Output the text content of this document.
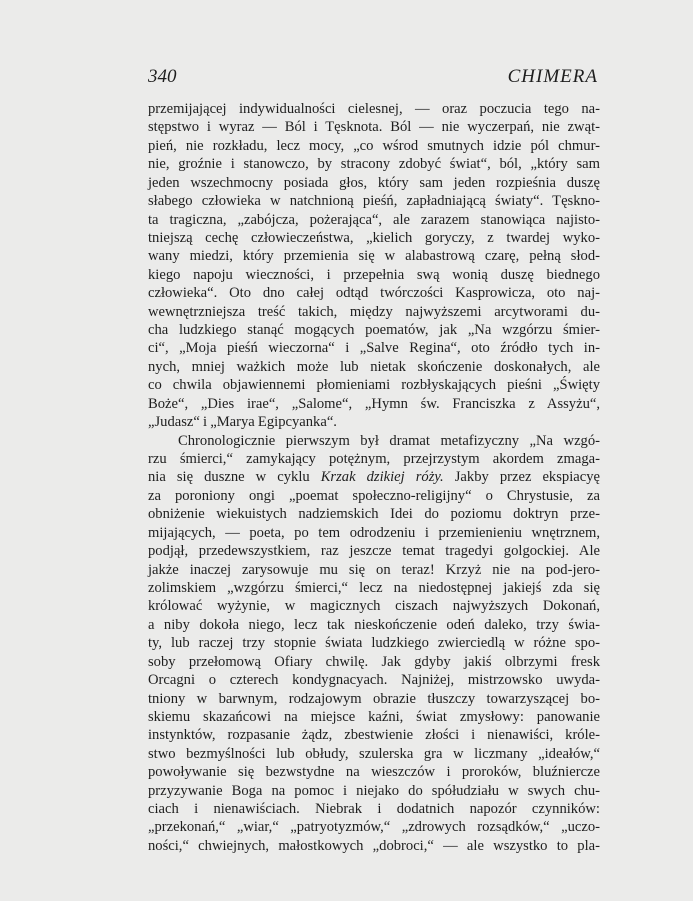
340	CHIMERA
przemijającej indywidualności cielesnej, — oraz poczucia tego na-
stępstwo i wyraz — Ból i Tęsknota. Ból — nie wyczerpań, nie zwąt-
pień, nie rozkładu, lecz mocy, „co wśrod smutnych idzie pól chmur-
nie, groźnie i stanowczo, by stracony zdobyć świat“, ból, „który sam
jeden wszechmocny posiada głos, który sam jeden rozpieśnia duszę
słabego człowieka w natchnioną pieśń, zapładniającą światy“. Tęskno-
ta tragiczna, „zabójcza, pożerająca“, ale zarazem stanowiąca najisto-
tniejszą cechę człowieczeństwa, „kielich goryczy, z twardej wyko-
wany miedzi, który przemienia się w alabastrową czarę, pełną słod-
kiego napoju wieczności, i przepełnia swą wonią duszę biednego
człowieka“. Oto dno całej odtąd twórczości Kasprowicza, oto naj-
wewnętrzniejsza treść takich, między najwyższemi arcytworami du-
cha ludzkiego stanąć mogących poematów, jak „Na wzgórzu śmier-
ci“, „Moja pieśń wieczorna“ i „Salve Regina“, oto źródło tych in-
nych, mniej ważkich może lub nietak skończenie doskonałych, ale
co chwila objawiennemi płomieniami rozbłyskających pieśni „Święty
Boże“, „Dies irae“, „Salome“, „Hymn św. Franciszka z Assyżu“,
„Judasz“ i „Marya Egipcyanka“.
Chronologicznie pierwszym był dramat metafizyczny „Na wzgó-
rzu śmierci,“ zamykający potężnym, przejrzystym akordem zmaga-
nia się duszne w cyklu Krzak dzikiej róży. Jakby przez ekspiacyę
za poroniony ongi „poemat społeczno-religijny“ o Chrystusie, za
obniżenie wiekuistych nadziemskich Idei do poziomu doktryn prze-
mijających, — poeta, po tem odrodzeniu i przemienieniu wnętrznem,
podjął, przedewszystkiem, raz jeszcze temat tragedyi golgockiej. Ale
jakże inaczej zarysowuje mu się on teraz! Krzyż nie na pod-jero-
zolimskiem „wzgórzu śmierci,“ lecz na niedostępnej jakiejś zda się
królować wyżynie, w magicznych ciszach najwyższych Dokonań,
a niby dokoła niego, lecz tak nieskończenie odeń daleko, trzy świa-
ty, lub raczej trzy stopnie świata ludzkiego zwierciedlą w różne spo-
soby przełomową Ofiary chwilę. Jak gdyby jakiś olbrzymi fresk
Orcagni o czterech kondygnacyach. Najniżej, mistrzowsko uwyda-
tniony w barwnym, rodzajowym obrazie tłuszczy towarzyszącej bo-
skiemu skazańcowi na miejsce kaźni, świat zmysłowy: panowanie
instynktów, rozpasanie żądz, zbestwienie złości i nienawiści, króle-
stwo bezmyślności lub obłudy, szulerska gra w liczmany „ideałów,“
powoływanie się bezwstydne na wieszczów i proroków, bluźniercze
przyzywanie Boga na pomoc i niejako do spółudziału w swych chu-
ciach i nienawiściach. Niebrak i dodatnich napozór czynników:
„przekonań,“ „wiar,“ „patryotyzmów,“ „zdrowych rozsądków,“ „uczo-
ności,“ chwiejnych, małostkowych „dobroci,“ — ale wszystko to pla-
